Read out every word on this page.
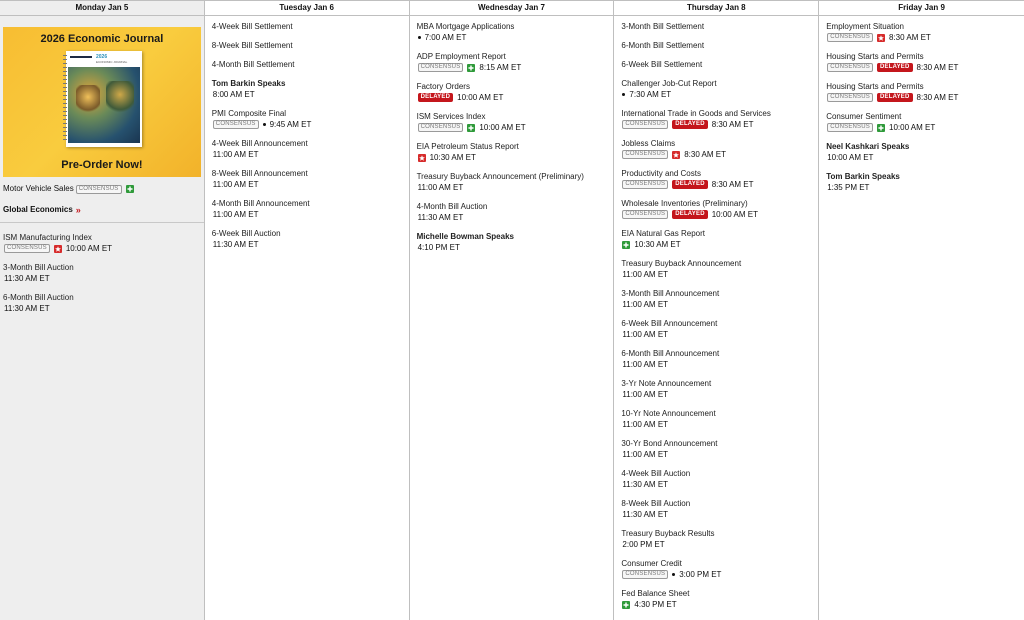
Monday Jan 5
2026 Economic Journal
2026
ECONOMIC JOURNAL
Pre-Order Now!
Motor Vehicle Sales CONSENSUS
Global Economics »
ISM Manufacturing Index
CONSENSUS	10:00 AM ET
3-Month Bill Auction
11:30 AM ET
6-Month Bill Auction
11:30 AM ET
Tuesday Jan 6
4-Week Bill Settlement
8-Week Bill Settlement
4-Month Bill Settlement
Tom Barkin Speaks
8:00 AM ET
PMI Composite Final
CONSENSUS	9:45 AM ET
4-Week Bill Announcement
11:00 AM ET
8-Week Bill Announcement
11:00 AM ET
4-Month Bill Announcement
11:00 AM ET
6-Week Bill Auction
11:30 AM ET
Wednesday Jan 7
MBA Mortgage Applications
7:00 AM ET
ADP Employment Report
CONSENSUS	8:15 AM ET
Factory Orders
DELAYED 10:00 AM ET
ISM Services Index
CONSENSUS	10:00 AM ET
EIA Petroleum Status Report
10:30 AM ET
Treasury Buyback Announcement (Preliminary)
11:00 AM ET
4-Month Bill Auction
11:30 AM ET
Michelle Bowman Speaks
4:10 PM ET
Thursday Jan 8
3-Month Bill Settlement
6-Month Bill Settlement
6-Week Bill Settlement
Challenger Job-Cut Report
7:30 AM ET
International Trade in Goods and Services
CONSENSUS	DELAYED 8:30 AM ET
Jobless Claims
CONSENSUS	8:30 AM ET
Productivity and Costs
CONSENSUS	DELAYED 8:30 AM ET
Wholesale Inventories (Preliminary)
CONSENSUS	DELAYED 10:00 AM ET
EIA Natural Gas Report
10:30 AM ET
Treasury Buyback Announcement
11:00 AM ET
3-Month Bill Announcement
11:00 AM ET
6-Week Bill Announcement
11:00 AM ET
6-Month Bill Announcement
11:00 AM ET
3-Yr Note Announcement
11:00 AM ET
10-Yr Note Announcement
11:00 AM ET
30-Yr Bond Announcement
11:00 AM ET
4-Week Bill Auction
11:30 AM ET
8-Week Bill Auction
11:30 AM ET
Treasury Buyback Results
2:00 PM ET
Consumer Credit
CONSENSUS	3:00 PM ET
Fed Balance Sheet
4:30 PM ET
Friday Jan 9
Employment Situation
CONSENSUS	8:30 AM ET
Housing Starts and Permits
CONSENSUS	DELAYED 8:30 AM ET
Housing Starts and Permits
CONSENSUS	DELAYED 8:30 AM ET
Consumer Sentiment
CONSENSUS	10:00 AM ET
Neel Kashkari Speaks
10:00 AM ET
Tom Barkin Speaks
1:35 PM ET
